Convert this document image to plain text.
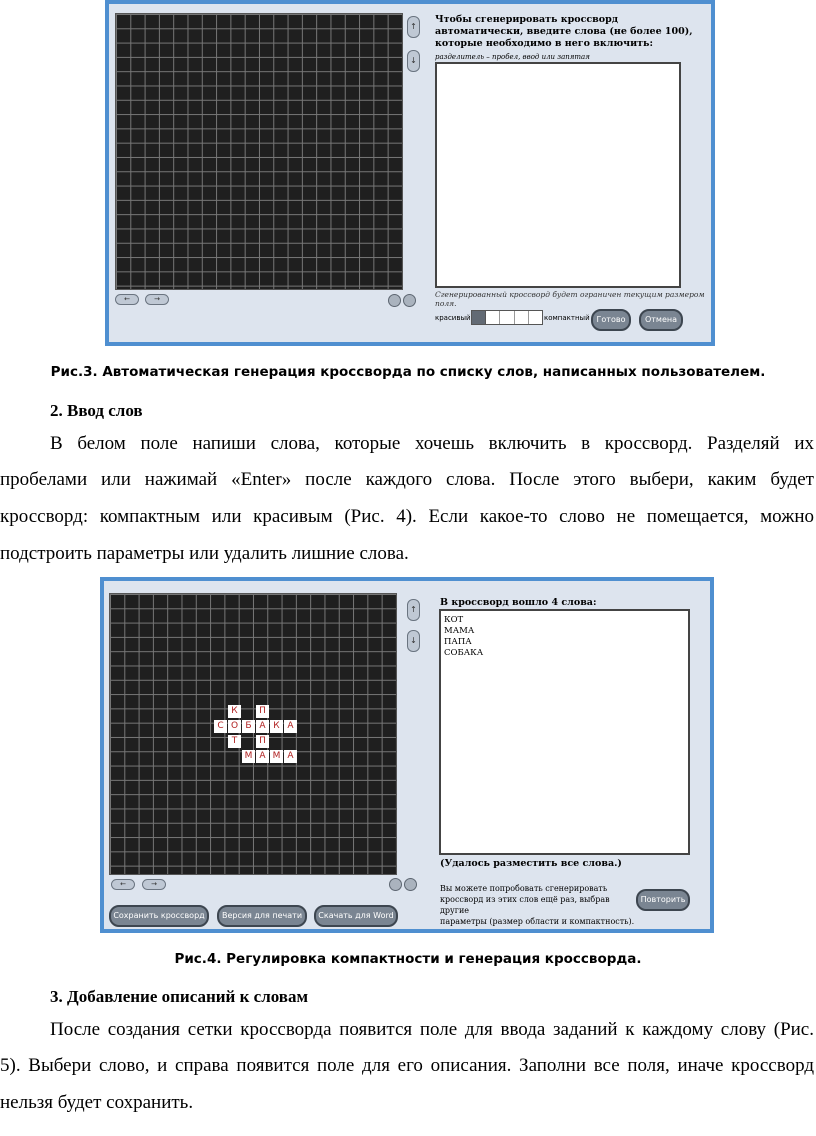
↑
↓
←	→
Чтобы сгенерировать кроссворд автоматически, введите слова (не более 100), которые необходимо в него включить:
разделитель – пробел, ввод или запятая
Сгенерированный кроссворд будет ограничен текущим размером поля.
красивый	компактный Готово	Отмена
Рис.3. Автоматическая генерация кроссворда по списку слов, написанных пользователем.
2. Ввод слов
В белом поле напиши слова, которые хочешь включить в кроссворд. Разделяй их
пробелами или нажимай «Enter» после каждого слова. После этого выбери, каким будет
кроссворд: компактным или красивым (Рис. 4). Если какое-то слово не помещается, можно
подстроить параметры или удалить лишние слова.
К	П
С О Б А К А
Т	П
М А М А
↑
↓
←	→
В кроссворд вошло 4 слова:
КОТ
МАМА
ПАПА
СОБАКА
(Удалось разместить все слова.)
Вы можете попробовать сгенерировать
кроссворд из этих слов ещё раз, выбрав другие
параметры (размер области и компактность).
Повторить
Сохранить кроссворд	Версия для печати	Скачать для Word
Рис.4. Регулировка компактности и генерация кроссворда.
3. Добавление описаний к словам
После создания сетки кроссворда появится поле для ввода заданий к каждому слову (Рис.
5). Выбери слово, и справа появится поле для его описания. Заполни все поля, иначе кроссворд
нельзя будет сохранить.
